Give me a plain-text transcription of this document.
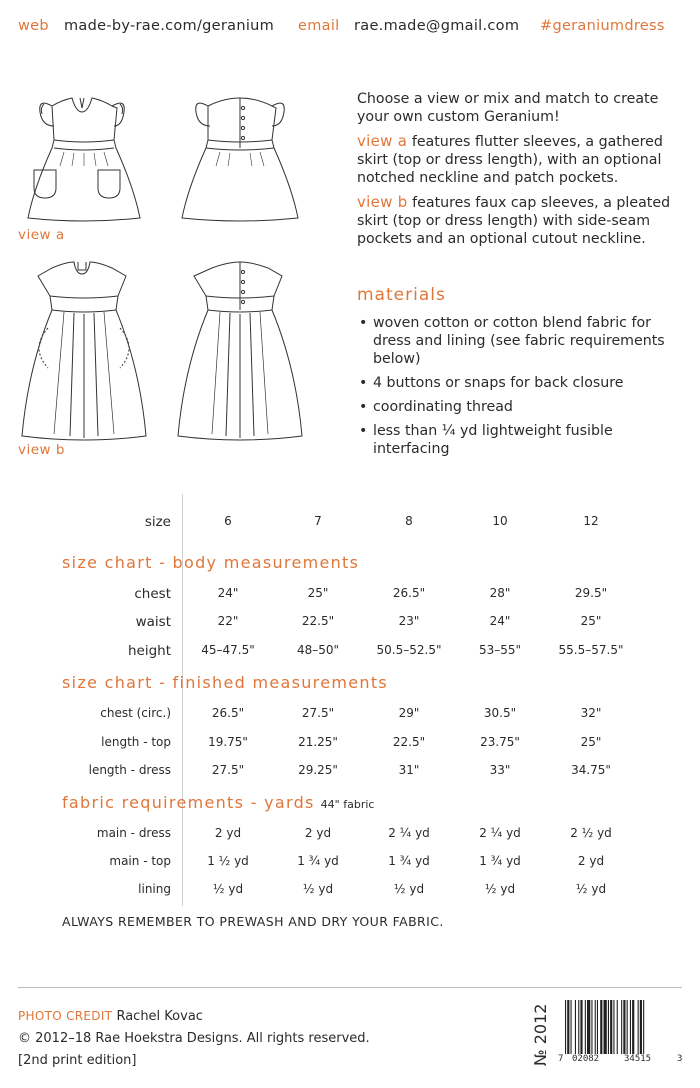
web made-by-rae.com/geranium email rae.made@gmail.com #geraniumdress
view a
view b

Choose a view or mix and match to create your own custom Geranium!

view a features flutter sleeves, a gathered skirt (top or dress length), with an optional notched neckline and patch pockets.

view b features faux cap sleeves, a pleated skirt (top or dress length) with side-seam pockets and an optional cutout neckline.

materials
• woven cotton or cotton blend fabric for dress and lining (see fabric requirements below)
• 4 buttons or snaps for back closure
• coordinating thread
• less than ¼ yd lightweight fusible interfacing
size	6	7	8	10	12
size chart - body measurements
chest	24"	25"	26.5"	28"	29.5"
waist	22"	22.5"	23"	24"	25"
height	45–47.5"	48–50"	50.5–52.5"	53–55"	55.5–57.5"
size chart - finished measurements
chest (circ.)	26.5"	27.5"	29"	30.5"	32"
length - top	19.75"	21.25"	22.5"	23.75"	25"
length - dress	27.5"	29.25"	31"	33"	34.75"
fabric requirements - yards 44" fabric
main - dress	2 yd	2 yd	2 ¼ yd	2 ¼ yd	2 ½ yd
main - top	1 ½ yd	1 ¾ yd	1 ¾ yd	1 ¾ yd	2 yd
lining	½ yd	½ yd	½ yd	½ yd	½ yd
ALWAYS REMEMBER TO PREWASH AND DRY YOUR FABRIC.
PHOTO CREDIT Rachel Kovac
© 2012–18 Rae Hoekstra Designs. All rights reserved.
[2nd print edition]	№ 2012 7 02082	34515	3
